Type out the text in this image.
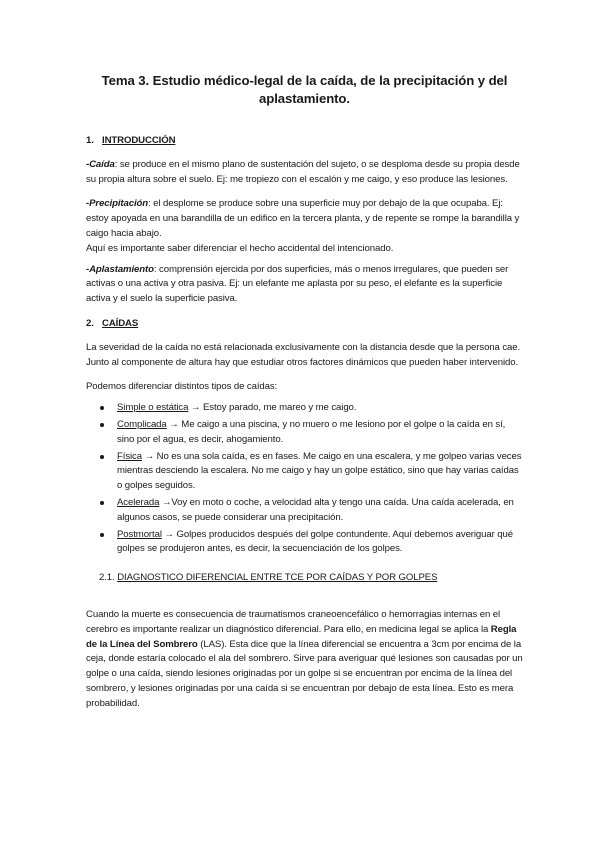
Tema 3. Estudio médico-legal de la caída, de la precipitación y del aplastamiento.
1. INTRODUCCIÓN

-Caída: se produce en el mismo plano de sustentación del sujeto, o se desploma desde su propia desde su propia altura sobre el suelo. Ej: me tropiezo con el escalón y me caigo, y eso produce las lesiones.

-Precipitación: el desplome se produce sobre una superficie muy por debajo de la que ocupaba. Ej: estoy apoyada en una barandilla de un edifico en la tercera planta, y de repente se rompe la barandilla y caigo hacia abajo.
Aquí es importante saber diferenciar el hecho accidental del intencionado.

-Aplastamiento: comprensión ejercida por dos superficies, más o menos irregulares, que pueden ser activas o una activa y otra pasiva. Ej: un elefante me aplasta por su peso, el elefante es la superficie activa y el suelo la superficie pasiva.

2. CAÍDAS

La severidad de la caída no está relacionada exclusivamente con la distancia desde que la persona cae. Junto al componente de altura hay que estudiar otros factores dinámicos que pueden haber intervenido.

Podemos diferenciar distintos tipos de caídas:

Simple o estática → Estoy parado, me mareo y me caigo.
Complicada → Me caigo a una piscina, y no muero o me lesiono por el golpe o la caída en sí, sino por el agua, es decir, ahogamiento.
Física → No es una sola caída, es en fases. Me caigo en una escalera, y me golpeo varias veces mientras desciendo la escalera. No me caigo y hay un golpe estático, sino que hay varias caídas o golpes seguidos.
Acelerada →Voy en moto o coche, a velocidad alta y tengo una caída. Una caída acelerada, en algunos casos, se puede considerar una precipitación.
Postmortal → Golpes producidos después del golpe contundente. Aquí debemos averiguar qué golpes se produjeron antes, es decir, la secuenciación de los golpes.
2.1. DIAGNOSTICO DIFERENCIAL ENTRE TCE POR CAÍDAS Y POR GOLPES

Cuando la muerte es consecuencia de traumatismos craneoencefálico o hemorragias internas en el cerebro es importante realizar un diagnóstico diferencial. Para ello, en medicina legal se aplica la Regla de la Línea del Sombrero (LAS). Esta dice que la línea diferencial se encuentra a 3cm por encima de la ceja, donde estaría colocado el ala del sombrero. Sirve para averiguar qué lesiones son causadas por un golpe o una caída, siendo lesiones originadas por un golpe si se encuentran por encima de la línea del sombrero, y lesiones originadas por una caída si se encuentran por debajo de esta línea. Esto es mera probabilidad.
